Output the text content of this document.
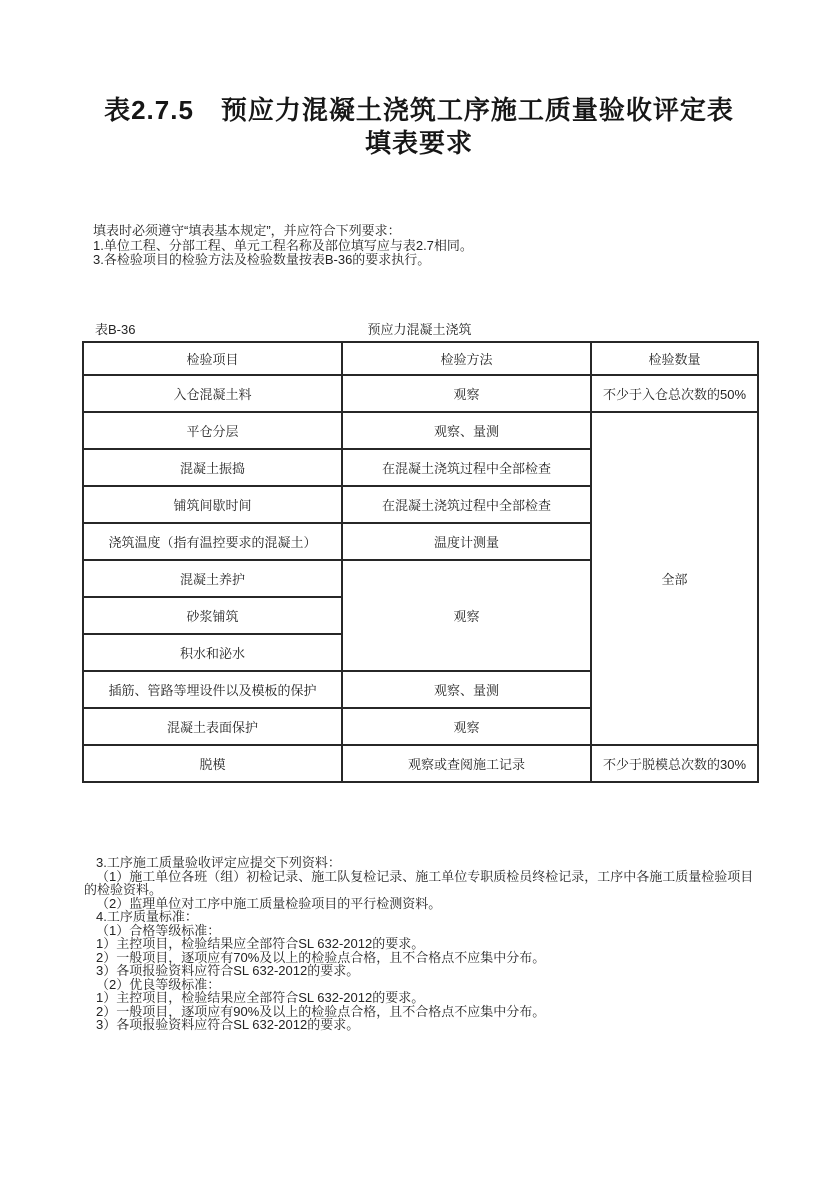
表2.7.5　预应力混凝土浇筑工序施工质量验收评定表
填表要求

填表时必须遵守“填表基本规定”，并应符合下列要求：

1.单位工程、分部工程、单元工程名称及部位填写应与表2.7相同。

3.各检验项目的检验方法及检验数量按表B-36的要求执行。

表B-36	预应力混凝土浇筑
检验项目	检验方法	检验数量
入仓混凝土料	观察	不少于入仓总次数的50%
平仓分层	观察、量测	全部
混凝土振捣	在混凝土浇筑过程中全部检查	
铺筑间歇时间	在混凝土浇筑过程中全部检查	
浇筑温度（指有温控要求的混凝土）	温度计测量	
混凝土养护	观察	
砂浆铺筑		
积水和泌水		
插筋、管路等埋设件以及模板的保护	观察、量测	
混凝土表面保护	观察	
脱模	观察或查阅施工记录	不少于脱模总次数的30%

3.工序施工质量验收评定应提交下列资料：

（1）施工单位各班（组）初检记录、施工队复检记录、施工单位专职质检员终检记录，工序中各施工质量检验项目的检验资料。

（2）监理单位对工序中施工质量检验项目的平行检测资料。

4.工序质量标准：

（1）合格等级标准：

1）主控项目，检验结果应全部符合SL 632-2012的要求。

2）一般项目，逐项应有70%及以上的检验点合格，且不合格点不应集中分布。

3）各项报验资料应符合SL 632-2012的要求。

（2）优良等级标准：

1）主控项目，检验结果应全部符合SL 632-2012的要求。

2）一般项目，逐项应有90%及以上的检验点合格，且不合格点不应集中分布。

3）各项报验资料应符合SL 632-2012的要求。
